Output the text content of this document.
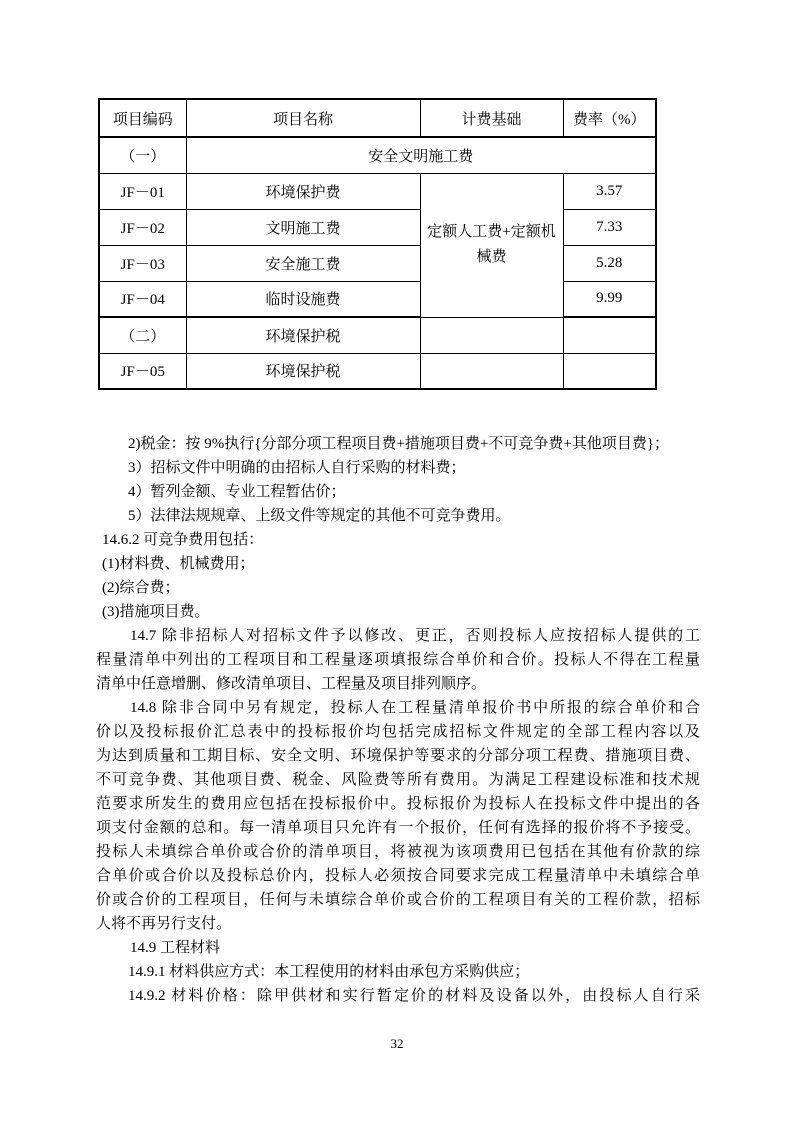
项目编码	项目名称	计费基础	费率（%）
（一）	安全文明施工费		
JF－01	环境保护费	定额人工费+定额机械费	3.57
JF－02	文明施工费		7.33
JF－03	安全施工费		5.28
JF－04	临时设施费		9.99
（二）	环境保护税		
JF－05	环境保护税		
2)税金：按 9%执行{分部分项工程项目费+措施项目费+不可竞争费+其他项目费}；
3）招标文件中明确的由招标人自行采购的材料费；
4）暂列金额、专业工程暂估价；
5）法律法规规章、上级文件等规定的其他不可竞争费用。
14.6.2 可竞争费用包括：
(1)材料费、机械费用；
(2)综合费；
(3)措施项目费。
14.7 除非招标人对招标文件予以修改、更正，否则投标人应按招标人提供的工
程量清单中列出的工程项目和工程量逐项填报综合单价和合价。投标人不得在工程量
清单中任意增删、修改清单项目、工程量及项目排列顺序。
14.8 除非合同中另有规定，投标人在工程量清单报价书中所报的综合单价和合
价以及投标报价汇总表中的投标报价均包括完成招标文件规定的全部工程内容以及
为达到质量和工期目标、安全文明、环境保护等要求的分部分项工程费、措施项目费、
不可竞争费、其他项目费、税金、风险费等所有费用。为满足工程建设标准和技术规
范要求所发生的费用应包括在投标报价中。投标报价为投标人在投标文件中提出的各
项支付金额的总和。每一清单项目只允许有一个报价，任何有选择的报价将不予接受。
投标人未填综合单价或合价的清单项目，将被视为该项费用已包括在其他有价款的综
合单价或合价以及投标总价内，投标人必须按合同要求完成工程量清单中未填综合单
价或合价的工程项目，任何与未填综合单价或合价的工程项目有关的工程价款，招标
人将不再另行支付。
14.9 工程材料
14.9.1 材料供应方式：本工程使用的材料由承包方采购供应；
14.9.2 材料价格：除甲供材和实行暂定价的材料及设备以外，由投标人自行采
32
